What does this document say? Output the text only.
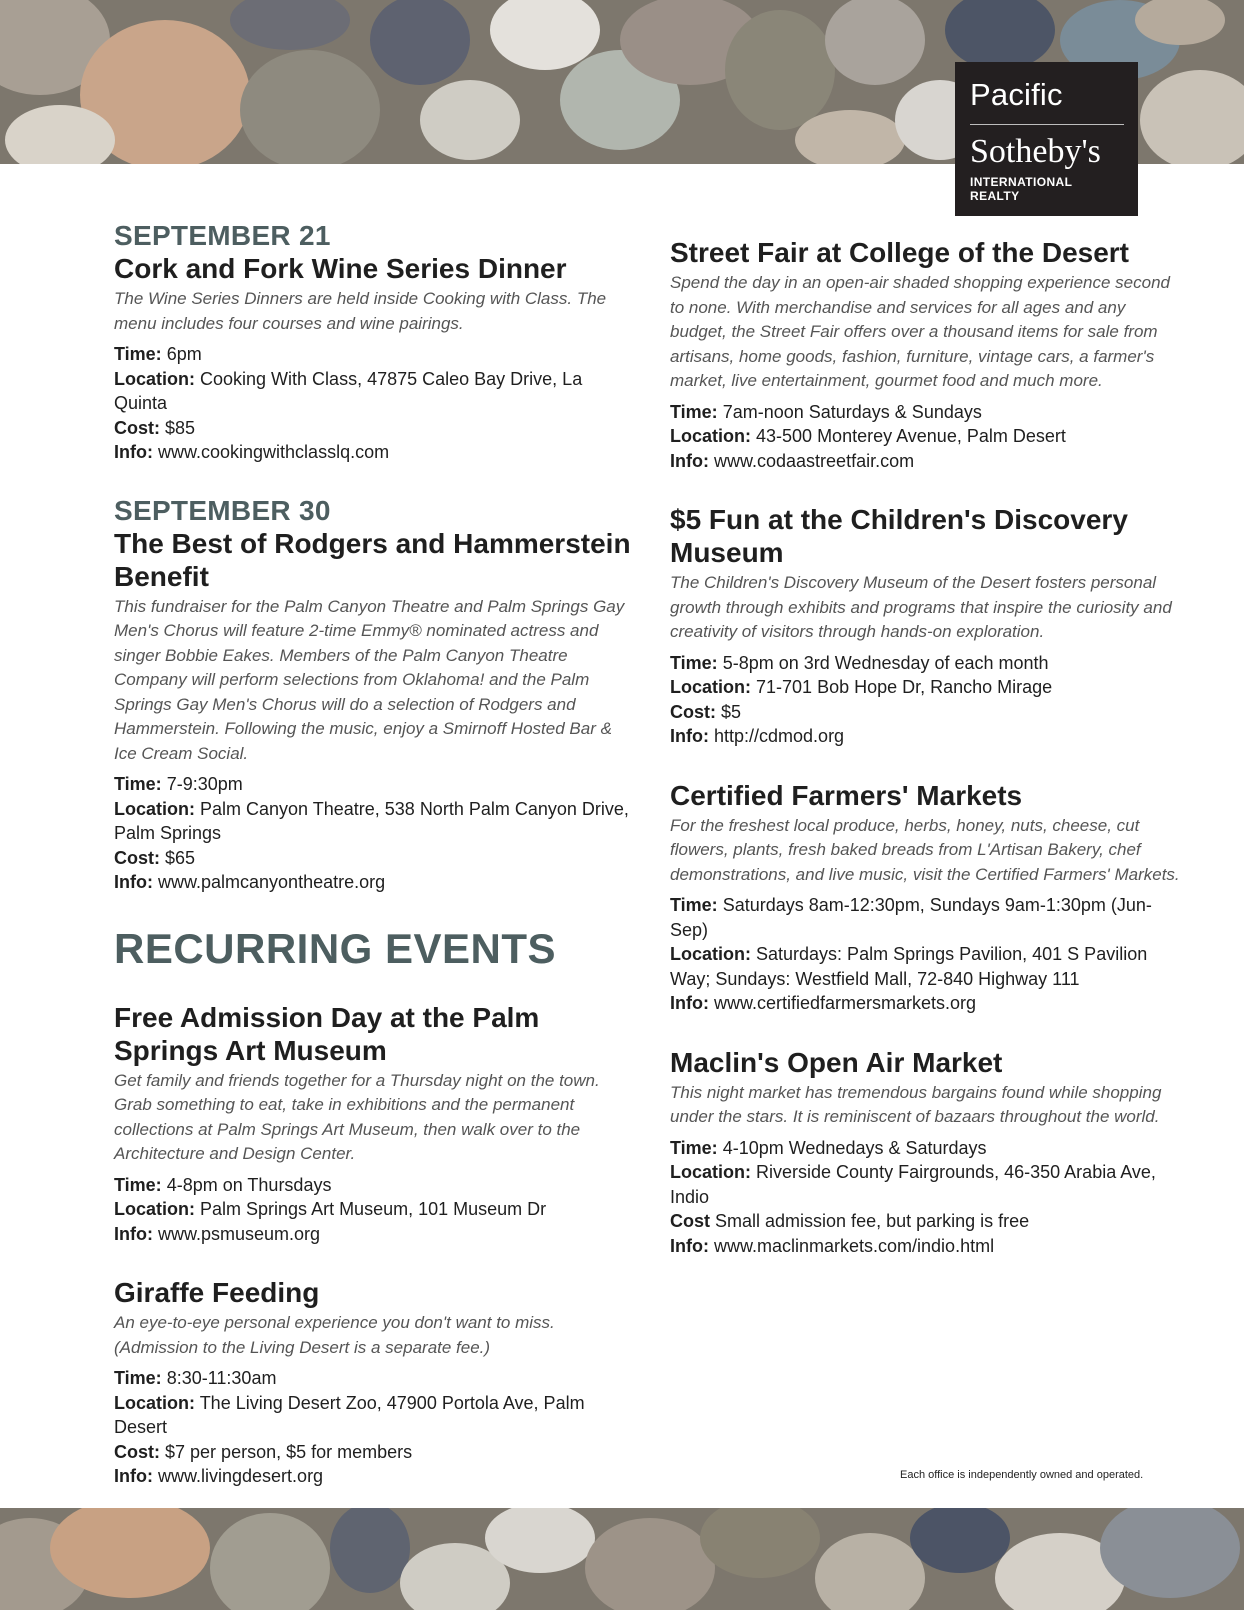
Pacific
Sotheby's
INTERNATIONAL REALTY
SEPTEMBER 21
Cork and Fork Wine Series Dinner
The Wine Series Dinners are held inside Cooking with Class. The menu includes four courses and wine pairings.
Time: 6pm
Location: Cooking With Class, 47875 Caleo Bay Drive, La Quinta
Cost: $85
Info: www.cookingwithclasslq.com
SEPTEMBER 30
The Best of Rodgers and Hammerstein Benefit
This fundraiser for the Palm Canyon Theatre and Palm Springs Gay Men's Chorus will feature 2-time Emmy® nominated actress and singer Bobbie Eakes. Members of the Palm Canyon Theatre Company will perform selections from Oklahoma! and the Palm Springs Gay Men's Chorus will do a selection of Rodgers and Hammerstein. Following the music, enjoy a Smirnoff Hosted Bar & Ice Cream Social.
Time: 7-9:30pm
Location: Palm Canyon Theatre, 538 North Palm Canyon Drive, Palm Springs
Cost: $65
Info: www.palmcanyontheatre.org
RECURRING EVENTS
Free Admission Day at the Palm Springs Art Museum
Get family and friends together for a Thursday night on the town. Grab something to eat, take in exhibitions and the permanent collections at Palm Springs Art Museum, then walk over to the Architecture and Design Center.
Time: 4-8pm on Thursdays
Location: Palm Springs Art Museum, 101 Museum Dr
Info: www.psmuseum.org
Giraffe Feeding
An eye-to-eye personal experience you don't want to miss. (Admission to the Living Desert is a separate fee.)
Time: 8:30-11:30am
Location: The Living Desert Zoo, 47900 Portola Ave, Palm Desert
Cost: $7 per person, $5 for members
Info: www.livingdesert.org
Street Fair at College of the Desert
Spend the day in an open-air shaded shopping experience second to none. With merchandise and services for all ages and any budget, the Street Fair offers over a thousand items for sale from artisans, home goods, fashion, furniture, vintage cars, a farmer's market, live entertainment, gourmet food and much more.
Time: 7am-noon Saturdays & Sundays
Location: 43-500 Monterey Avenue, Palm Desert
Info: www.codaastreetfair.com
$5 Fun at the Children's Discovery Museum
The Children's Discovery Museum of the Desert fosters personal growth through exhibits and programs that inspire the curiosity and creativity of visitors through hands-on exploration.
Time: 5-8pm on 3rd Wednesday of each month
Location: 71-701 Bob Hope Dr, Rancho Mirage
Cost: $5
Info: http://cdmod.org
Certified Farmers' Markets
For the freshest local produce, herbs, honey, nuts, cheese, cut flowers, plants, fresh baked breads from L'Artisan Bakery, chef demonstrations, and live music, visit the Certified Farmers' Markets.
Time: Saturdays 8am-12:30pm, Sundays 9am-1:30pm (Jun-Sep)
Location: Saturdays: Palm Springs Pavilion, 401 S Pavilion Way; Sundays: Westfield Mall, 72-840 Highway 111
Info: www.certifiedfarmersmarkets.org
Maclin's Open Air Market
This night market has tremendous bargains found while shopping under the stars. It is reminiscent of bazaars throughout the world.
Time: 4-10pm Wednedays & Saturdays
Location: Riverside County Fairgrounds, 46-350 Arabia Ave, Indio
Cost Small admission fee, but parking is free
Info: www.maclinmarkets.com/indio.html
Each office is independently owned and operated.
